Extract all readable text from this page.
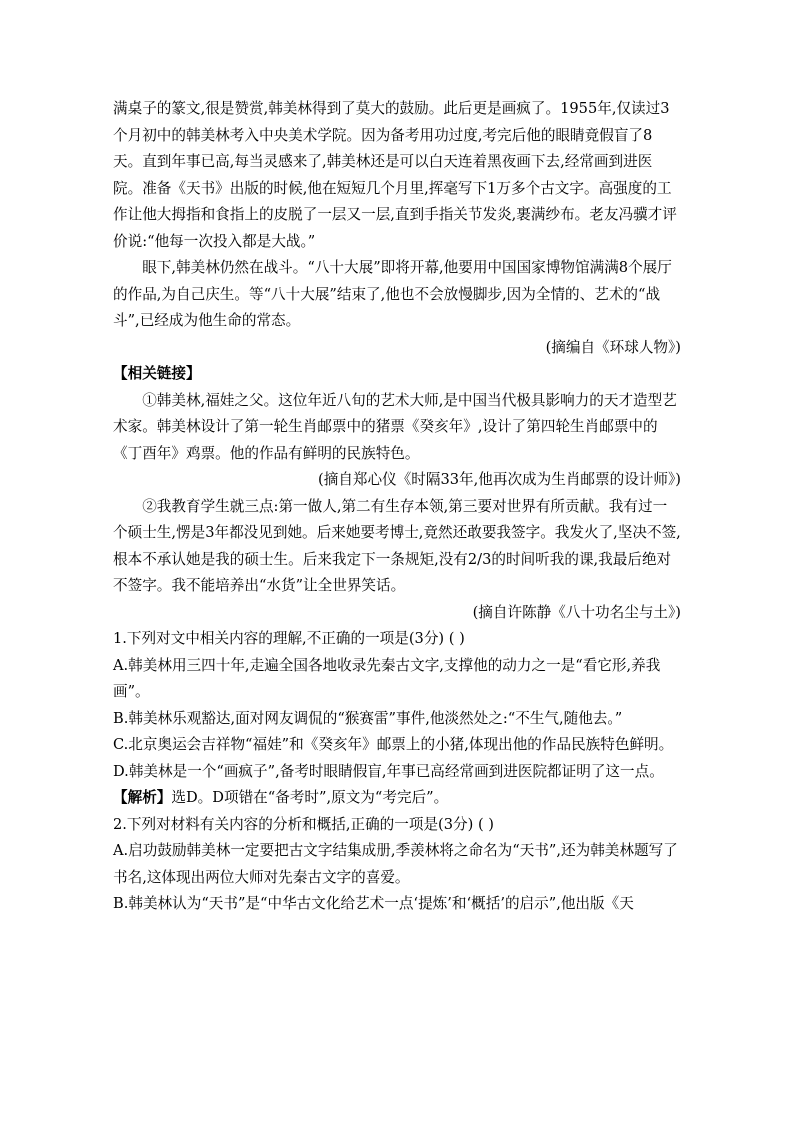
满桌子的篆文,很是赞赏,韩美林得到了莫大的鼓励。此后更是画疯了。1955年,仅读过3个月初中的韩美林考入中央美术学院。因为备考用功过度,考完后他的眼睛竟假盲了8天。直到年事已高,每当灵感来了,韩美林还是可以白天连着黑夜画下去,经常画到进医院。准备《天书》出版的时候,他在短短几个月里,挥毫写下1万多个古文字。高强度的工作让他大拇指和食指上的皮脱了一层又一层,直到手指关节发炎,裹满纱布。老友冯骥才评价说:“他每一次投入都是大战。”

眼下,韩美林仍然在战斗。“八十大展”即将开幕,他要用中国国家博物馆满满8个展厅的作品,为自己庆生。等“八十大展”结束了,他也不会放慢脚步,因为全情的、艺术的“战斗”,已经成为他生命的常态。

(摘编自《环球人物》)

【相关链接】

①韩美林,福娃之父。这位年近八旬的艺术大师,是中国当代极具影响力的天才造型艺术家。韩美林设计了第一轮生肖邮票中的猪票《癸亥年》,设计了第四轮生肖邮票中的《丁酉年》鸡票。他的作品有鲜明的民族特色。

(摘自郑心仪《时隔33年,他再次成为生肖邮票的设计师》)

②我教育学生就三点:第一做人,第二有生存本领,第三要对世界有所贡献。我有过一个硕士生,愣是3年都没见到她。后来她要考博士,竟然还敢要我签字。我发火了,坚决不签,根本不承认她是我的硕士生。后来我定下一条规矩,没有2/3的时间听我的课,我最后绝对不签字。我不能培养出“水货”让全世界笑话。

(摘自许陈静《八十功名尘与土》)

1.下列对文中相关内容的理解,不正确的一项是(3分) ( )

A.韩美林用三四十年,走遍全国各地收录先秦古文字,支撑他的动力之一是“看它形,养我画”。

B.韩美林乐观豁达,面对网友调侃的“猴赛雷”事件,他淡然处之:“不生气,随他去。”

C.北京奥运会吉祥物“福娃”和《癸亥年》邮票上的小猪,体现出他的作品民族特色鲜明。

D.韩美林是一个“画疯子”,备考时眼睛假盲,年事已高经常画到进医院都证明了这一点。

【解析】选D。D项错在“备考时”,原文为“考完后”。

2.下列对材料有关内容的分析和概括,正确的一项是(3分) ( )

A.启功鼓励韩美林一定要把古文字结集成册,季羡林将之命名为“天书”,还为韩美林题写了书名,这体现出两位大师对先秦古文字的喜爱。

B.韩美林认为“天书”是“中华古文化给艺术一点‘提炼’和‘概括’的启示”,他出版《天
